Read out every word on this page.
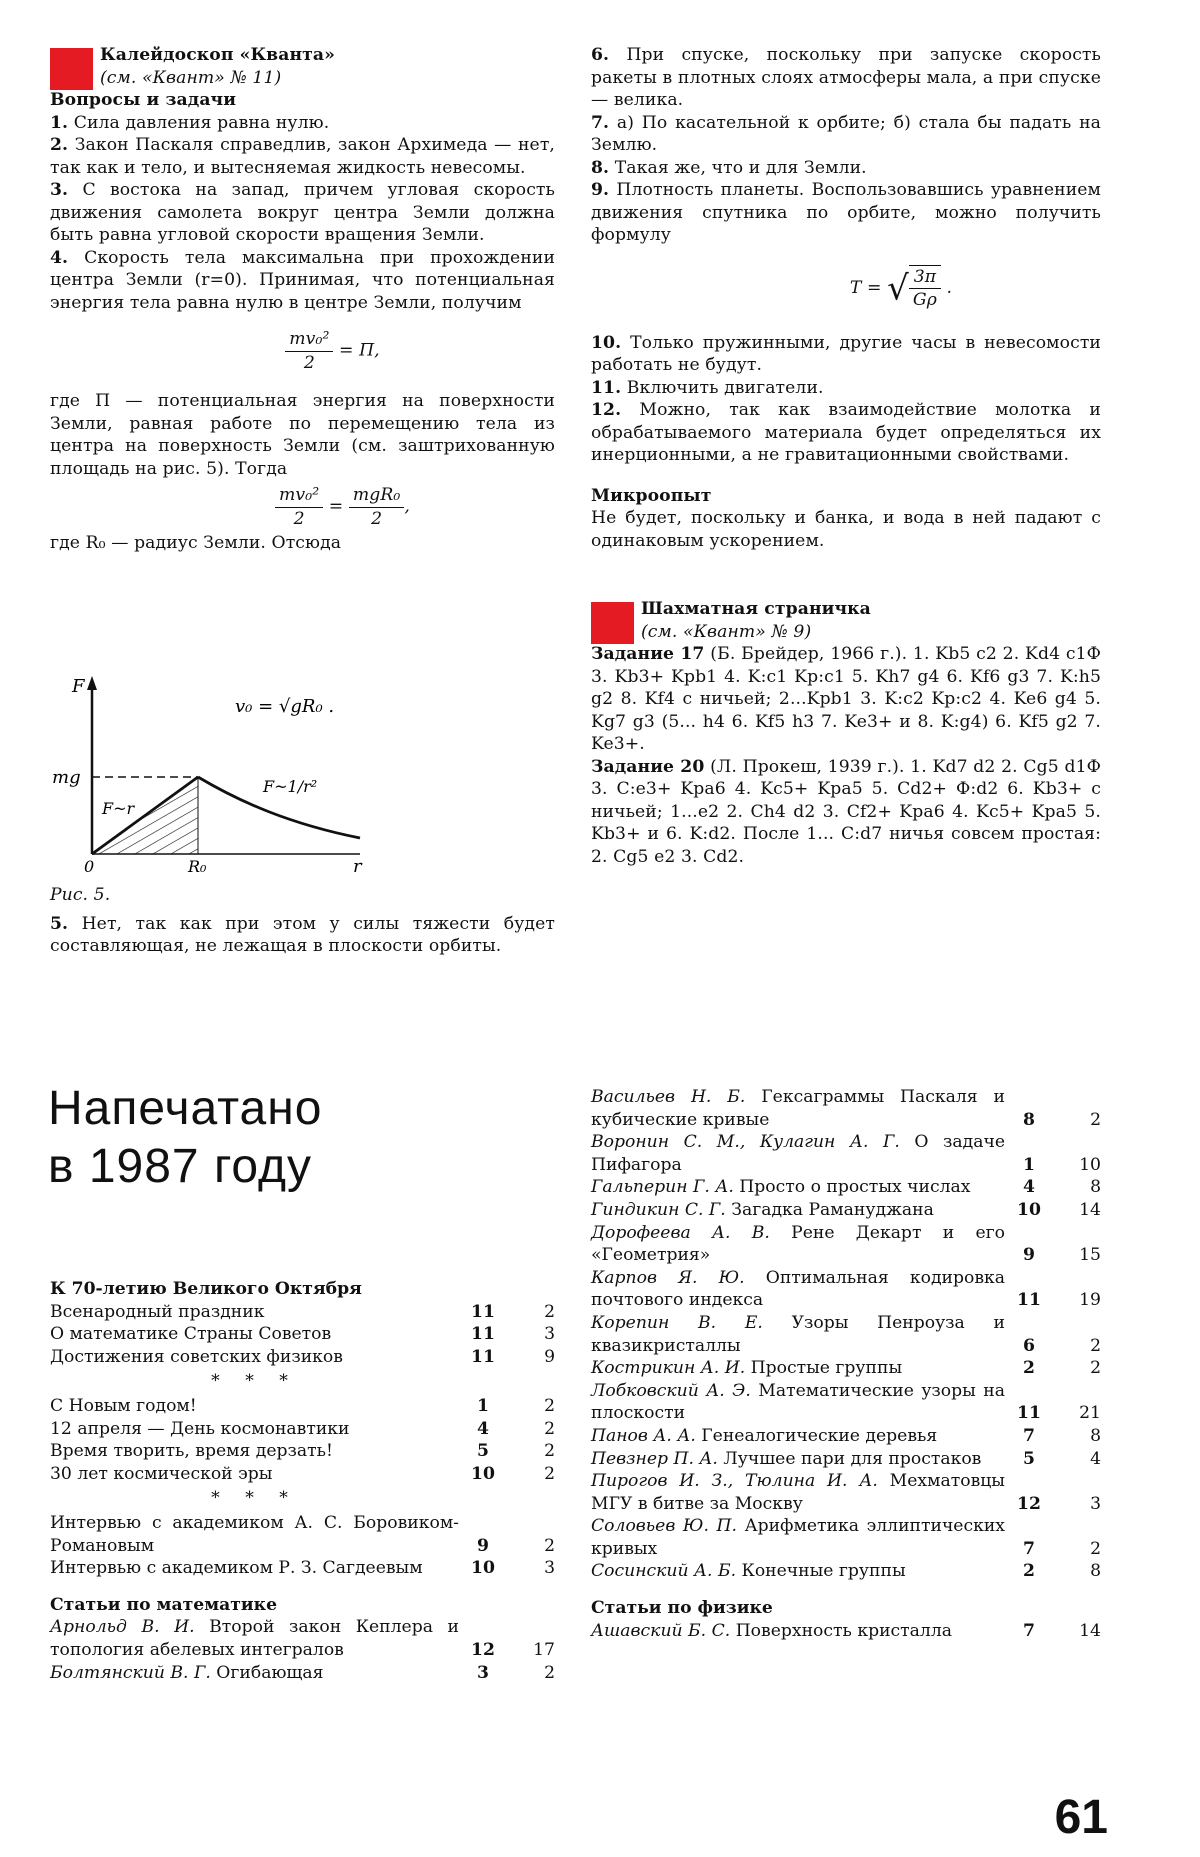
Калейдоскоп «Кванта»

(см. «Квант» № 11)

Вопросы и задачи

1. Сила давления равна нулю.

2. Закон Паскаля справедлив, закон Архимеда — нет, так как и тело, и вытесняемая жидкость невесомы.

3. С востока на запад, причем угловая скорость движения самолета вокруг центра Земли должна быть равна угловой скорости вращения Земли.

4. Скорость тела максимальна при прохождении центра Земли (r=0). Принимая, что потенциальная энергия тела равна нулю в центре Земли, получим

$\frac{\text{mv₀²}}{2} = П$,

где П — потенциальная энергия на поверхности Земли, равная работе по перемещению тела из центра на поверхность Земли (см. заштрихованную площадь на рис. 5). Тогда

$\frac{\text{mv₀²}}{2} = \frac{\text{mgR₀}}{2}$ ,

где R₀ — радиус Земли. Отсюда

v₀ = √gR₀ .
F
mg
F~r
F~1/r²
0	R₀	r

Рис. 5.

5. Нет, так как при этом у силы тяжести будет составляющая, не лежащая в плоскости орбиты.

6. При спуске, поскольку при запуске скорость ракеты в плотных слоях атмосферы мала, а при спуске — велика.

7. а) По касательной к орбите; б) стала бы падать на Землю.

8. Такая же, что и для Земли.

9. Плотность планеты. Воспользовавшись уравнением движения спутника по орбите, можно получить формулу

T = √ $\frac{3\pi}{G\rho}$ .

10. Только пружинными, другие часы в невесомости работать не будут.

11. Включить двигатели.

12. Можно, так как взаимодействие молотка и обрабатываемого материала будет определяться их инерционными, а не гравитационными свойствами.

Микроопыт

Не будет, поскольку и банка, и вода в ней падают с одинаковым ускорением.

Шахматная страничка

(см. «Квант» № 9)

Задание 17 (Б. Брейдер, 1966 г.). 1. Kb5 c2 2. Kd4 c1Ф 3. Kb3+ Kpb1 4. K:c1 Kp:c1 5. Kh7 g4 6. Kf6 g3 7. K:h5 g2 8. Kf4 с ничьей; 2...Kpb1 3. K:c2 Kp:c2 4. Ke6 g4 5. Kg7 g3 (5... h4 6. Kf5 h3 7. Ke3+ и 8. K:g4) 6. Kf5 g2 7. Ke3+.

Задание 20 (Л. Прокеш, 1939 г.). 1. Kd7 d2 2. Cg5 d1Ф 3. C:e3+ Kpa6 4. Kc5+ Kpa5 5. Cd2+ Ф:d2 6. Kb3+ с ничьей; 1...e2 2. Ch4 d2 3. Cf2+ Kpa6 4. Kc5+ Kpa5 5. Kb3+ и 6. K:d2. После 1... C:d7 ничья совсем простая: 2. Cg5 e2 3. Cd2.

Напечатано
в 1987 году
К 70-летию Великого Октября
Всенародный праздник	11	2
О математике Страны Советов	11	3
Достижения советских физиков	11	9
* * *
С Новым годом!	1	2
12 апреля — День космонавтики	4	2
Время творить, время дерзать!	5	2
30 лет космической эры	10	2
* * *
Интервью с академиком А. С. Боровиком-Романовым	9	2
Интервью с академиком Р. З. Сагдеевым	10	3
Статьи по математике
Арнольд В. И. Второй закон Кеплера и топология абелевых интегралов	12	17
Болтянский В. Г. Огибающая	3	2
Васильев Н. Б. Гексаграммы Паскаля и кубические кривые	8	2
Воронин С. М., Кулагин А. Г. О задаче Пифагора	1	10
Гальперин Г. А. Просто о простых числах	4	8
Гиндикин С. Г. Загадка Рамануджана	10	14
Дорофеева А. В. Рене Декарт и его «Геометрия»	9	15
Карпов Я. Ю. Оптимальная кодировка почтового индекса	11	19
Корепин В. Е. Узоры Пенроуза и квазикристаллы	6	2
Кострикин А. И. Простые группы	2	2
Лобковский А. Э. Математические узоры на плоскости	11	21
Панов А. А. Генеалогические деревья	7	8
Певзнер П. А. Лучшее пари для простаков	5	4
Пирогов И. З., Тюлина И. А. Мехматовцы МГУ в битве за Москву	12	3
Соловьев Ю. П. Арифметика эллиптических кривых	7	2
Сосинский А. Б. Конечные группы	2	8
Статьи по физике
Ашавский Б. С. Поверхность кристалла	7	14
61
